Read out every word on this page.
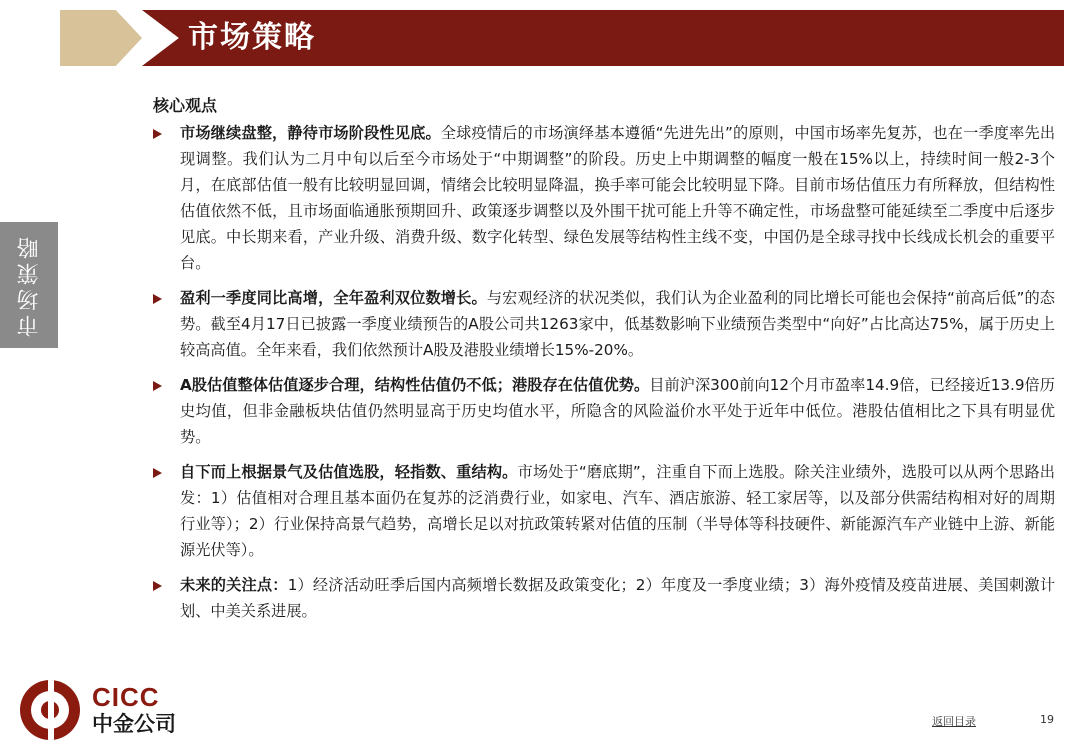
市场策略
市场策略
核心观点
市场继续盘整，静待市场阶段性见底。全球疫情后的市场演绎基本遵循“先进先出”的原则，中国市场率先复苏，也在一季度率先出现调整。我们认为二月中旬以后至今市场处于“中期调整”的阶段。历史上中期调整的幅度一般在15%以上，持续时间一般2-3个月，在底部估值一般有比较明显回调，情绪会比较明显降温，换手率可能会比较明显下降。目前市场估值压力有所释放，但结构性估值依然不低，且市场面临通胀预期回升、政策逐步调整以及外围干扰可能上升等不确定性，市场盘整可能延续至二季度中后逐步见底。中长期来看，产业升级、消费升级、数字化转型、绿色发展等结构性主线不变，中国仍是全球寻找中长线成长机会的重要平台。
盈利一季度同比高增，全年盈利双位数增长。与宏观经济的状况类似，我们认为企业盈利的同比增长可能也会保持“前高后低”的态势。截至4月17日已披露一季度业绩预告的A股公司共1263家中，低基数影响下业绩预告类型中“向好”占比高达75%，属于历史上较高高值。全年来看，我们依然预计A股及港股业绩增长15%-20%。
A股估值整体估值逐步合理，结构性估值仍不低；港股存在估值优势。目前沪深300前向12个月市盈率14.9倍，已经接近13.9倍历史均值，但非金融板块估值仍然明显高于历史均值水平，所隐含的风险溢价水平处于近年中低位。港股估值相比之下具有明显优势。
自下而上根据景气及估值选股，轻指数、重结构。市场处于“磨底期”，注重自下而上选股。除关注业绩外，选股可以从两个思路出发：1）估值相对合理且基本面仍在复苏的泛消费行业，如家电、汽车、酒店旅游、轻工家居等，以及部分供需结构相对好的周期行业等）；2）行业保持高景气趋势，高增长足以对抗政策转紧对估值的压制（半导体等科技硬件、新能源汽车产业链中上游、新能源光伏等）。
未来的关注点：1）经济活动旺季后国内高频增长数据及政策变化；2）年度及一季度业绩；3）海外疫情及疫苗进展、美国刺激计划、中美关系进展。
CICC
中金公司	返回目录	19
